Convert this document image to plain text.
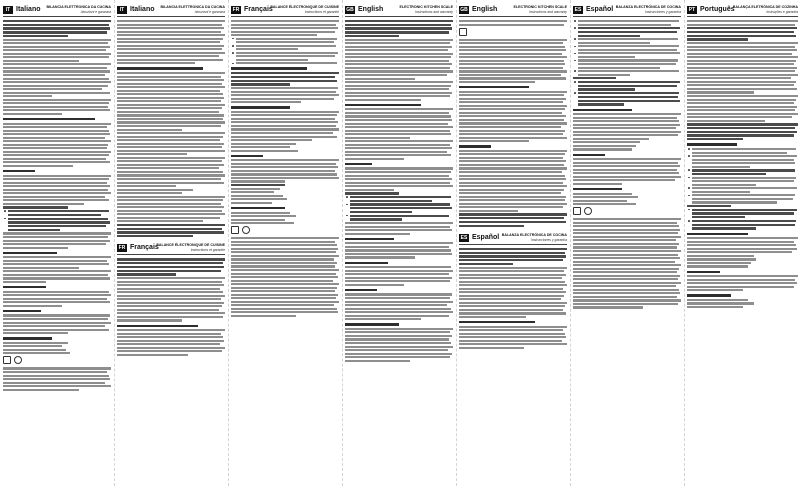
IT Italiano BILANCIA ELETTRONICA DA CUCINA
Istruzioni e garanzia	IT Italiano BILANCIA ELETTRONICA DA CUCINA
Istruzioni e garanzia
FR Français
BALANCE ÉLECTRONIQUE DE CUISINE
Instructions et garantie
FR Français
BALANCE ÉLECTRONIQUE DE CUISINE
Instructions et garantie GB English	ELECTRONIC KITCHEN SCALE
Instructions and warranty GB English	ELECTRONIC KITCHEN SCALE
Instructions and warranty
ES Español BALANZA ELECTRÓNICA DE COCINA
Instrucciones y garantía
ES Español BALANZA ELECTRÓNICA DE COCINA
Instrucciones y garantía	PT Português
BALANÇA ELETRÓNICA DE COZINHA
Instruções e garantia
